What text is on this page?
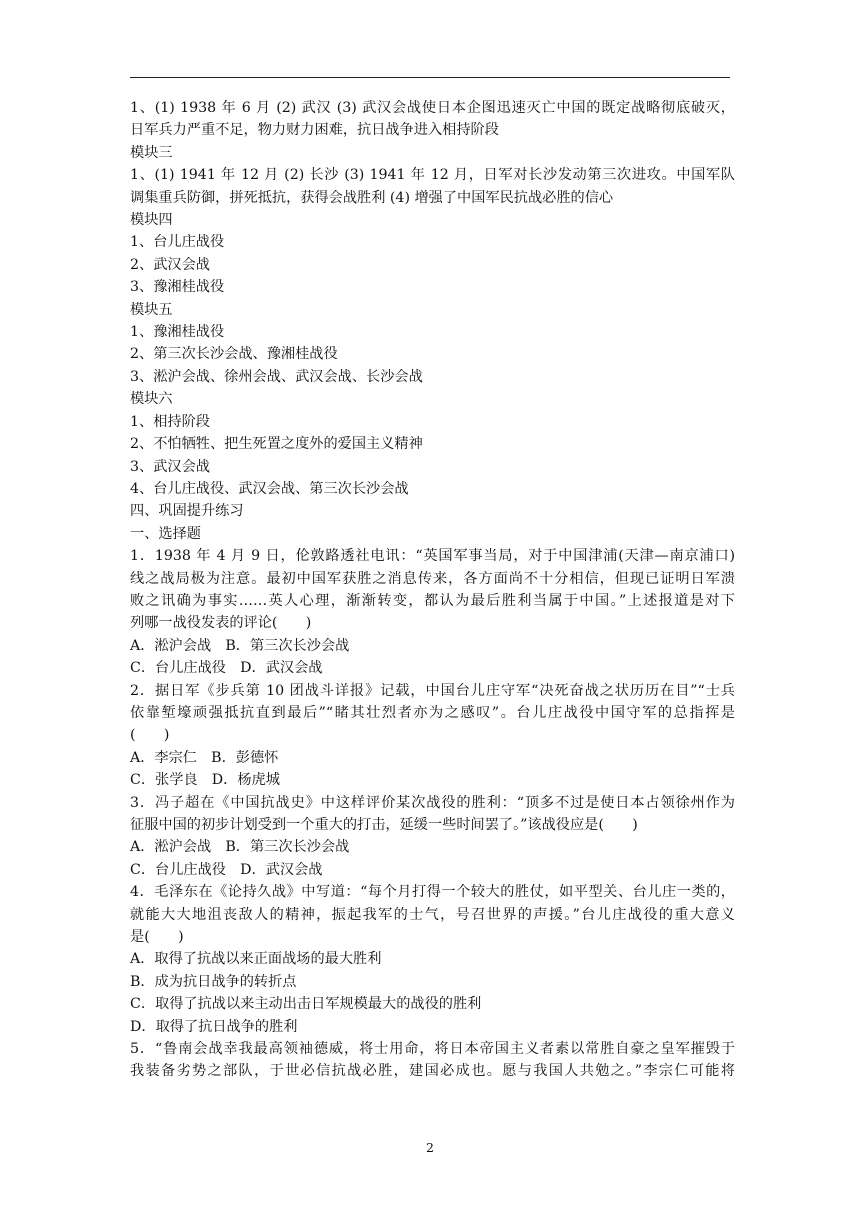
1、(1) 1938 年 6 月 (2) 武汉 (3) 武汉会战使日本企图迅速灭亡中国的既定战略彻底破灭，
日军兵力严重不足，物力财力困难，抗日战争进入相持阶段
模块三
1、(1) 1941 年 12 月 (2) 长沙 (3) 1941 年 12 月，日军对长沙发动第三次进攻。中国军队
调集重兵防御，拼死抵抗，获得会战胜利 (4) 增强了中国军民抗战必胜的信心
模块四
1、台儿庄战役
2、武汉会战
3、豫湘桂战役
模块五
1、豫湘桂战役
2、第三次长沙会战、豫湘桂战役
3、淞沪会战、徐州会战、武汉会战、长沙会战
模块六
1、相持阶段
2、不怕牺牲、把生死置之度外的爱国主义精神
3、武汉会战
4、台儿庄战役、武汉会战、第三次长沙会战
四、巩固提升练习
一、选择题
1．1938 年 4 月 9 日，伦敦路透社电讯：“英国军事当局，对于中国津浦(天津—南京浦口)
线之战局极为注意。最初中国军获胜之消息传来，各方面尚不十分相信，但现已证明日军溃
败之讯确为事实……英人心理，渐渐转变，都认为最后胜利当属于中国。”上述报道是对下
列哪一战役发表的评论(　　)
A．淞沪会战　B．第三次长沙会战
C．台儿庄战役　D．武汉会战
2．据日军《步兵第 10 团战斗详报》记载，中国台儿庄守军“决死奋战之状历历在目”“士兵
依靠堑壕顽强抵抗直到最后”“睹其壮烈者亦为之感叹”。台儿庄战役中国守军的总指挥是
(　　)
A．李宗仁　B．彭德怀
C．张学良　D．杨虎城
3．冯子超在《中国抗战史》中这样评价某次战役的胜利：“顶多不过是使日本占领徐州作为
征服中国的初步计划受到一个重大的打击，延缓一些时间罢了。”该战役应是(　　)
A．淞沪会战　B．第三次长沙会战
C．台儿庄战役　D．武汉会战
4．毛泽东在《论持久战》中写道：“每个月打得一个较大的胜仗，如平型关、台儿庄一类的，
就能大大地沮丧敌人的精神，振起我军的士气，号召世界的声援。”台儿庄战役的重大意义
是(　　)
A．取得了抗战以来正面战场的最大胜利
B．成为抗日战争的转折点
C．取得了抗战以来主动出击日军规模最大的战役的胜利
D．取得了抗日战争的胜利
5．“鲁南会战幸我最高领袖德威，将士用命，将日本帝国主义者素以常胜自豪之皇军摧毁于
我装备劣势之部队，于世必信抗战必胜，建国必成也。愿与我国人共勉之。”李宗仁可能将
2
